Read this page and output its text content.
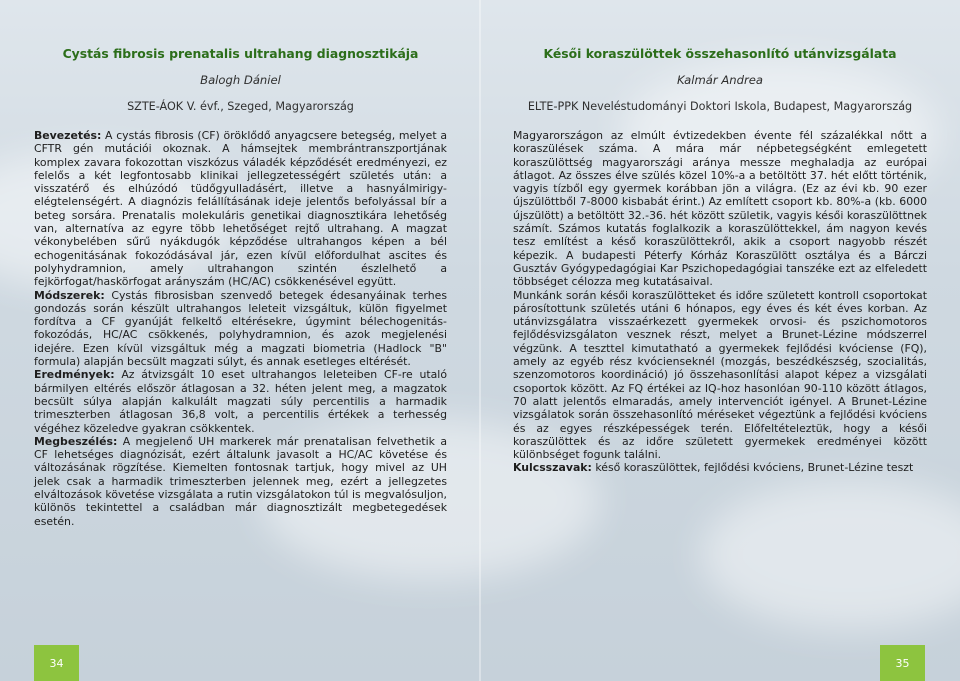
Cystás fibrosis prenatalis ultrahang diagnosztikája

Balogh Dániel

SZTE-ÁOK V. évf., Szeged, Magyarország

Bevezetés: A cystás fibrosis (CF) öröklődő anyagcsere betegség, melyet a CFTR gén mutációi okoznak. A hámsejtek membrántranszportjának komplex zavara fokozottan viszkózus váladék képződését eredményezi, ez felelős a két legfontosabb klinikai jellegzetességért születés után: a visszatérő és elhúzódó tüdőgyulladásért, illetve a hasnyálmirigy-elégtelenségért. A diagnózis felállításának ideje jelentős befolyással bír a beteg sorsára. Prenatalis molekuláris genetikai diagnosztikára lehetőség van, alternatíva az egyre több lehetőséget rejtő ultrahang. A magzat vékonybelében sűrű nyákdugók képződése ultrahangos képen a bél echogenitásának fokozódásával jár, ezen kívül előfordulhat ascites és polyhydramnion, amely ultrahangon szintén észlelhető a fejkörfogat/haskörfogat arányszám (HC/AC) csökkenésével együtt.

Módszerek: Cystás fibrosisban szenvedő betegek édesanyáinak terhes gondozás során készült ultrahangos leleteit vizsgáltuk, külön figyelmet fordítva a CF gyanúját felkeltő eltérésekre, úgymint bélechogenitás-fokozódás, HC/AC csökkenés, polyhydramnion, és azok megjelenési idejére. Ezen kívül vizsgáltuk még a magzati biometria (Hadlock "B" formula) alapján becsült magzati súlyt, és annak esetleges eltérését.

Eredmények: Az átvizsgált 10 eset ultrahangos leleteiben CF-re utaló bármilyen eltérés először átlagosan a 32. héten jelent meg, a magzatok becsült súlya alapján kalkulált magzati súly percentilis a harmadik trimeszterben átlagosan 36,8 volt, a percentilis értékek a terhesség végéhez közeledve gyakran csökkentek.

Megbeszélés: A megjelenő UH markerek már prenatalisan felvethetik a CF lehetséges diagnózisát, ezért általunk javasolt a HC/AC követése és változásának rögzítése. Kiemelten fontosnak tartjuk, hogy mivel az UH jelek csak a harmadik trimeszterben jelennek meg, ezért a jellegzetes elváltozások követése vizsgálata a rutin vizsgálatokon túl is megvalósuljon, különös tekintettel a családban már diagnosztizált megbetegedések esetén.

34
Késői koraszülöttek összehasonlító utánvizsgálata

Kalmár Andrea

ELTE-PPK Neveléstudományi Doktori Iskola, Budapest, Magyarország

Magyarországon az elmúlt évtizedekben évente fél százalékkal nőtt a koraszülések száma. A mára már népbetegségként emlegetett koraszülöttség magyarországi aránya messze meghaladja az európai átlagot. Az összes élve szülés közel 10%-a a betöltött 37. hét előtt történik, vagyis tízből egy gyermek korábban jön a világra. (Ez az évi kb. 90 ezer újszülöttből 7-8000 kisbabát érint.) Az említett csoport kb. 80%-a (kb. 6000 újszülött) a betöltött 32.-36. hét között születik, vagyis késői koraszülöttnek számít. Számos kutatás foglalkozik a koraszülöttekkel, ám nagyon kevés tesz említést a késő koraszülöttekről, akik a csoport nagyobb részét képezik. A budapesti Péterfy Kórház Koraszülött osztálya és a Bárczi Gusztáv Gyógypedagógiai Kar Pszichopedagógiai tanszéke ezt az elfeledett többséget célozza meg kutatásaival.

Munkánk során késői koraszülötteket és időre született kontroll csoportokat párosítottunk születés utáni 6 hónapos, egy éves és két éves korban. Az utánvizsgálatra visszaérkezett gyermekek orvosi- és pszichomotoros fejlődésvizsgálaton vesznek részt, melyet a Brunet-Lézine módszerrel végzünk. A teszttel kimutatható a gyermekek fejlődési kvóciense (FQ), amely az egyéb rész kvócienseknél (mozgás, beszédkészség, szocialitás, szenzomotoros koordináció) jó összehasonlítási alapot képez a vizsgálati csoportok között. Az FQ értékei az IQ-hoz hasonlóan 90-110 között átlagos, 70 alatt jelentős elmaradás, amely intervenciót igényel. A Brunet-Lézine vizsgálatok során összehasonlító méréseket végeztünk a fejlődési kvóciens és az egyes részképességek terén. Előfeltételeztük, hogy a késői koraszülöttek és az időre született gyermekek eredményei között különbséget fogunk találni.

Kulcsszavak: késő koraszülöttek, fejlődési kvóciens, Brunet-Lézine teszt

35
